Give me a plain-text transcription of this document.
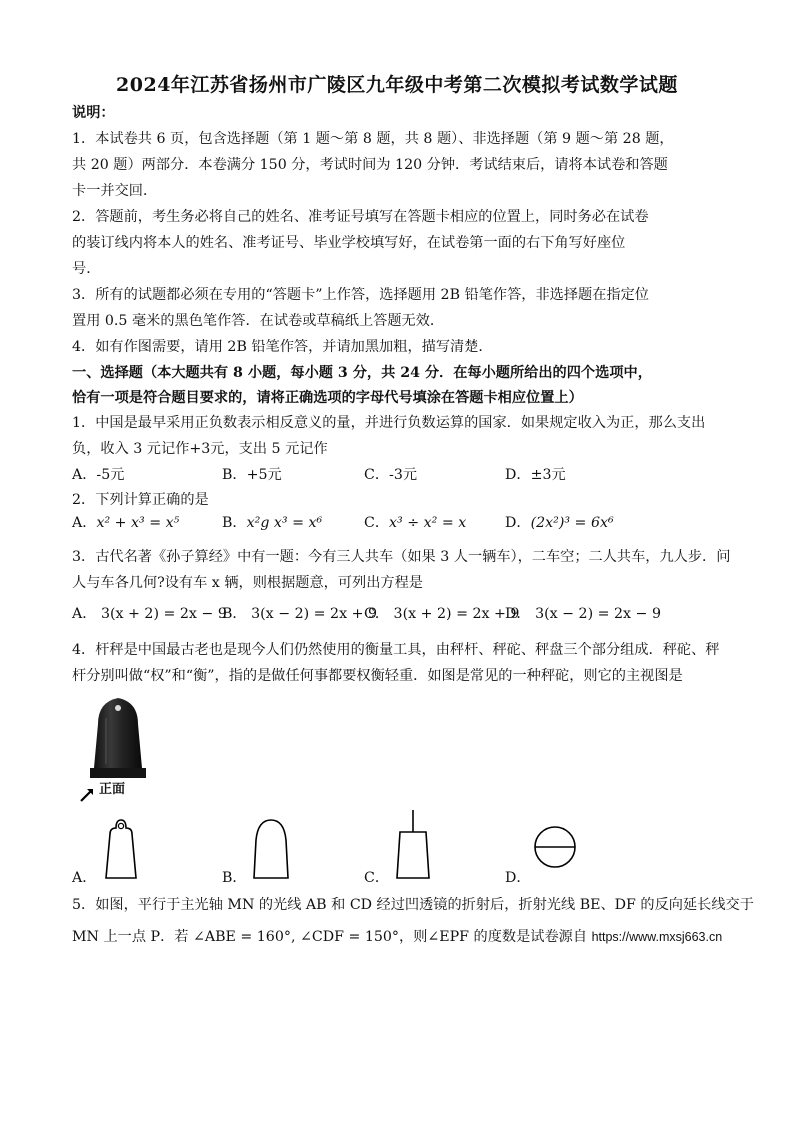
2024年江苏省扬州市广陵区九年级中考第二次模拟考试数学试题
说明：
1．本试卷共 6 页，包含选择题（第 1 题～第 8 题，共 8 题）、非选择题（第 9 题～第 28 题，
共 20 题）两部分．本卷满分 150 分，考试时间为 120 分钟．考试结束后，请将本试卷和答题
卡一并交回．
2．答题前，考生务必将自己的姓名、准考证号填写在答题卡相应的位置上，同时务必在试卷
的装订线内将本人的姓名、准考证号、毕业学校填写好，在试卷第一面的右下角写好座位
号．
3．所有的试题都必须在专用的“答题卡”上作答，选择题用 2B 铅笔作答，非选择题在指定位
置用 0.5 毫米的黑色笔作答．在试卷或草稿纸上答题无效．
4．如有作图需要，请用 2B 铅笔作答，并请加黑加粗，描写清楚．
一、选择题（本大题共有 8 小题，每小题 3 分，共 24 分．在每小题所给出的四个选项中，
恰有一项是符合题目要求的，请将正确选项的字母代号填涂在答题卡相应位置上）
1．中国是最早采用正负数表示相反意义的量，并进行负数运算的国家．如果规定收入为正，那么支出
负，收入 3 元记作+3元，支出 5 元记作
A．-5元	B．+5元	C．-3元	D．±3元
2．下列计算正确的是
A．x² + x³ = x⁵	B．x²g x³ = x⁶	C．x³ ÷ x² = x	D．(2x²)³ = 6x⁶
3．古代名著《孙子算经》中有一题：今有三人共车（如果 3 人一辆车），二车空；二人共车，九人步．问
人与车各几何?设有车 x 辆，则根据题意，可列出方程是
A． 3(x + 2) = 2x − 9
B． 3(x − 2) = 2x + 9
C． 3(x + 2) = 2x + 9
D． 3(x − 2) = 2x − 9
4．杆秤是中国最古老也是现今人们仍然使用的衡量工具，由秤杆、秤砣、秤盘三个部分组成．秤砣、秤
杆分别叫做“权”和“衡”，指的是做任何事都要权衡轻重．如图是常见的一种秤砣，则它的主视图是
正面
A．	B．	C．	D．
5．如图，平行于主光轴 MN 的光线 AB 和 CD 经过凹透镜的折射后，折射光线 BE、DF 的反向延长线交于
MN 上一点 P．若 ∠ABE = 160°, ∠CDF = 150°，则∠EPF 的度数是试卷源自 https://www.mxsj663.cn
